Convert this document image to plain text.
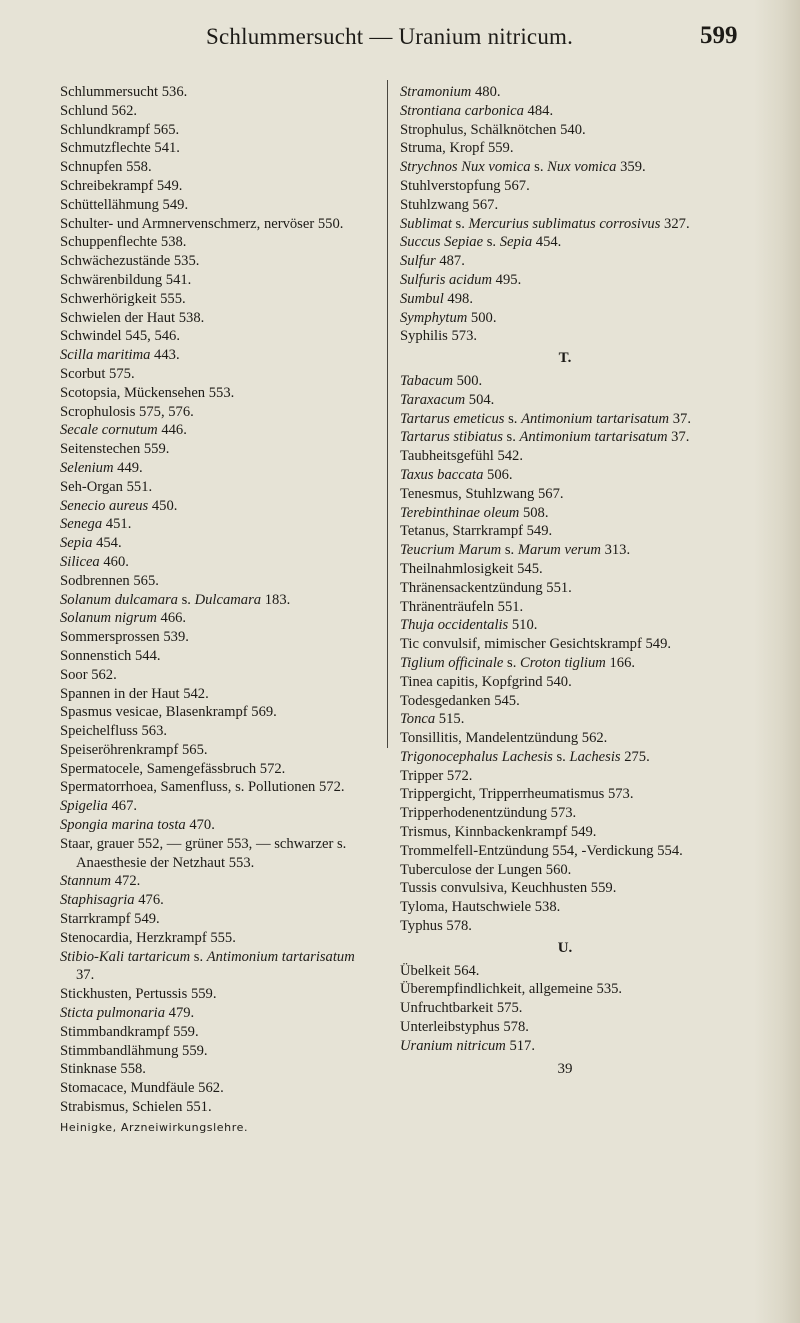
Schlummersucht — Uranium nitricum.	599
Schlummersucht 536.
Schlund 562.
Schlundkrampf 565.
Schmutzflechte 541.
Schnupfen 558.
Schreibekrampf 549.
Schüttellähmung 549.
Schulter- und Armnervenschmerz, nervöser 550.
Schuppenflechte 538.
Schwächezustände 535.
Schwärenbildung 541.
Schwerhörigkeit 555.
Schwielen der Haut 538.
Schwindel 545, 546.
Scilla maritima 443.
Scorbut 575.
Scotopsia, Mückensehen 553.
Scrophulosis 575, 576.
Secale cornutum 446.
Seitenstechen 559.
Selenium 449.
Seh-Organ 551.
Senecio aureus 450.
Senega 451.
Sepia 454.
Silicea 460.
Sodbrennen 565.
Solanum dulcamara s. Dulcamara 183.
Solanum nigrum 466.
Sommersprossen 539.
Sonnenstich 544.
Soor 562.
Spannen in der Haut 542.
Spasmus vesicae, Blasenkrampf 569.
Speichelfluss 563.
Speiseröhrenkrampf 565.
Spermatocele, Samengefässbruch 572.
Spermatorrhoea, Samenfluss, s. Pollutionen 572.
Spigelia 467.
Spongia marina tosta 470.
Staar, grauer 552, — grüner 553, — schwarzer s. Anaesthesie der Netzhaut 553.
Stannum 472.
Staphisagria 476.
Starrkrampf 549.
Stenocardia, Herzkrampf 555.
Stibio-Kali tartaricum s. Antimonium tartarisatum 37.
Stickhusten, Pertussis 559.
Sticta pulmonaria 479.
Stimmbandkrampf 559.
Stimmbandlähmung 559.
Stinknase 558.
Stomacace, Mundfäule 562.
Strabismus, Schielen 551.
Heinigke, Arzneiwirkungslehre.
Stramonium 480.
Strontiana carbonica 484.
Strophulus, Schälknötchen 540.
Struma, Kropf 559.
Strychnos Nux vomica s. Nux vomica 359.
Stuhlverstopfung 567.
Stuhlzwang 567.
Sublimat s. Mercurius sublimatus corrosivus 327.
Succus Sepiae s. Sepia 454.
Sulfur 487.
Sulfuris acidum 495.
Sumbul 498.
Symphytum 500.
Syphilis 573.
T.
Tabacum 500.
Taraxacum 504.
Tartarus emeticus s. Antimonium tartarisatum 37.
Tartarus stibiatus s. Antimonium tartarisatum 37.
Taubheitsgefühl 542.
Taxus baccata 506.
Tenesmus, Stuhlzwang 567.
Terebinthinae oleum 508.
Tetanus, Starrkrampf 549.
Teucrium Marum s. Marum verum 313.
Theilnahmlosigkeit 545.
Thränensackentzündung 551.
Thränenträufeln 551.
Thuja occidentalis 510.
Tic convulsif, mimischer Gesichtskrampf 549.
Tiglium officinale s. Croton tiglium 166.
Tinea capitis, Kopfgrind 540.
Todesgedanken 545.
Tonca 515.
Tonsillitis, Mandelentzündung 562.
Trigonocephalus Lachesis s. Lachesis 275.
Tripper 572.
Trippergicht, Tripperrheumatismus 573.
Tripperhodenentzündung 573.
Trismus, Kinnbackenkrampf 549.
Trommelfell-Entzündung 554, -Verdickung 554.
Tuberculose der Lungen 560.
Tussis convulsiva, Keuchhusten 559.
Tyloma, Hautschwiele 538.
Typhus 578.
U.
Übelkeit 564.
Überempfindlichkeit, allgemeine 535.
Unfruchtbarkeit 575.
Unterleibstyphus 578.
Uranium nitricum 517.
39
